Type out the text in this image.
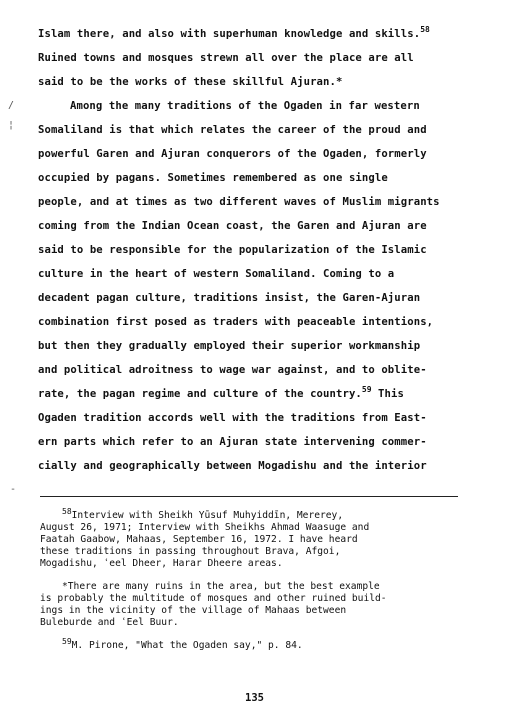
Islam there, and also with superhuman knowledge and skills.$^{58}$
Ruined towns and mosques strewn all over the place are all
said to be the works of these skillful Ajuran.*
Among the many traditions of the Ogaden in far western
Somaliland is that which relates the career of the proud and
powerful Garen and Ajuran conquerors of the Ogaden, formerly
occupied by pagans. Sometimes remembered as one single
people, and at times as two different waves of Muslim migrants
coming from the Indian Ocean coast, the Garen and Ajuran are
said to be responsible for the popularization of the Islamic
culture in the heart of western Somaliland. Coming to a
decadent pagan culture, traditions insist, the Garen-Ajuran
combination first posed as traders with peaceable intentions,
but then they gradually employed their superior workmanship
and political adroitness to wage war against, and to oblite-
rate, the pagan regime and culture of the country.$^{59}$ This
Ogaden tradition accords well with the traditions from East-
ern parts which refer to an Ajuran state intervening commer-
cially and geographically between Mogadishu and the interior
$^{58}$Interview with Sheikh Yūsuf Muhyiddīn, Mererey,
August 26, 1971; Interview with Sheikhs Ahmad Waasuge and
Faatah Gaabow, Mahaas, September 16, 1972. I have heard
these traditions in passing throughout Brava, Afgoi,
Mogadishu, ʿeel Dheer, Harar Dheere areas.
*There are many ruins in the area, but the best example
is probably the multitude of mosques and other ruined build-
ings in the vicinity of the village of Mahaas between
Buleburde and ʿEel Buur.
$^{59}$M. Pirone, "What the Ogaden say," p. 84.
135
/
¦
-
